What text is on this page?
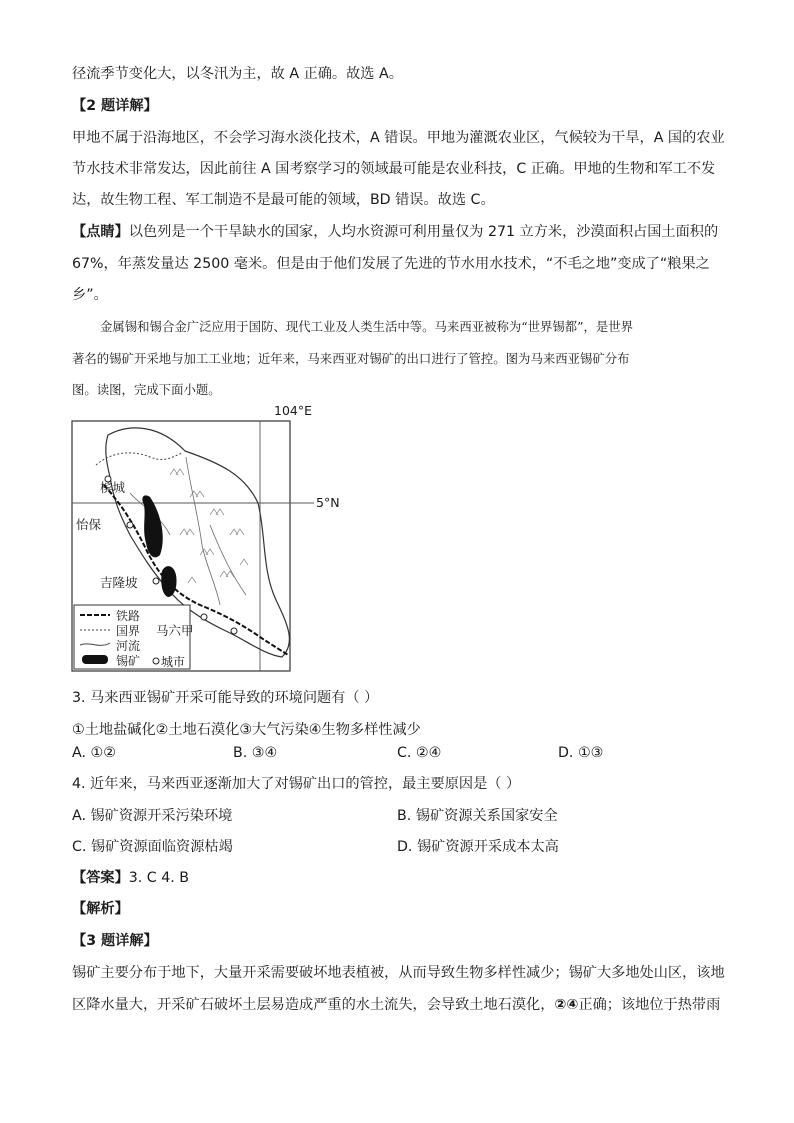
径流季节变化大，以冬汛为主，故 A 正确。故选 A。
【2 题详解】
甲地不属于沿海地区，不会学习海水淡化技术，A 错误。甲地为灌溉农业区，气候较为干旱，A 国的农业
节水技术非常发达，因此前往 A 国考察学习的领域最可能是农业科技，C 正确。甲地的生物和军工不发
达，故生物工程、军工制造不是最可能的领域，BD 错误。故选 C。
【点睛】以色列是一个干旱缺水的国家，人均水资源可利用量仅为 271 立方米，沙漠面积占国土面积的
67%，年蒸发量达 2500 毫米。但是由于他们发展了先进的节水用水技术，“不毛之地”变成了“粮果之
乡”。
金属锡和锡合金广泛应用于国防、现代工业及人类生活中等。马来西亚被称为“世界锡都”，是世界
著名的锡矿开采地与加工工业地；近年来，马来西亚对锡矿的出口进行了管控。图为马来西亚锡矿分布
图。读图，完成下面小题。
104°E
5°N
槟城
怡保
吉隆坡
马六甲
铁路
国界
河流
锡矿 城市
3. 马来西亚锡矿开采可能导致的环境问题有（ ）
①土地盐碱化②土地石漠化③大气污染④生物多样性减少
A. ①②	B. ③④	C. ②④	D. ①③
4. 近年来，马来西亚逐渐加大了对锡矿出口的管控，最主要原因是（ ）
A. 锡矿资源开采污染环境	B. 锡矿资源关系国家安全
C. 锡矿资源面临资源枯竭	D. 锡矿资源开采成本太高
【答案】3. C 4. B
【解析】
【3 题详解】
锡矿主要分布于地下，大量开采需要破坏地表植被，从而导致生物多样性减少；锡矿大多地处山区，该地
区降水量大，开采矿石破坏土层易造成严重的水土流失，会导致土地石漠化，②④正确；该地位于热带雨
